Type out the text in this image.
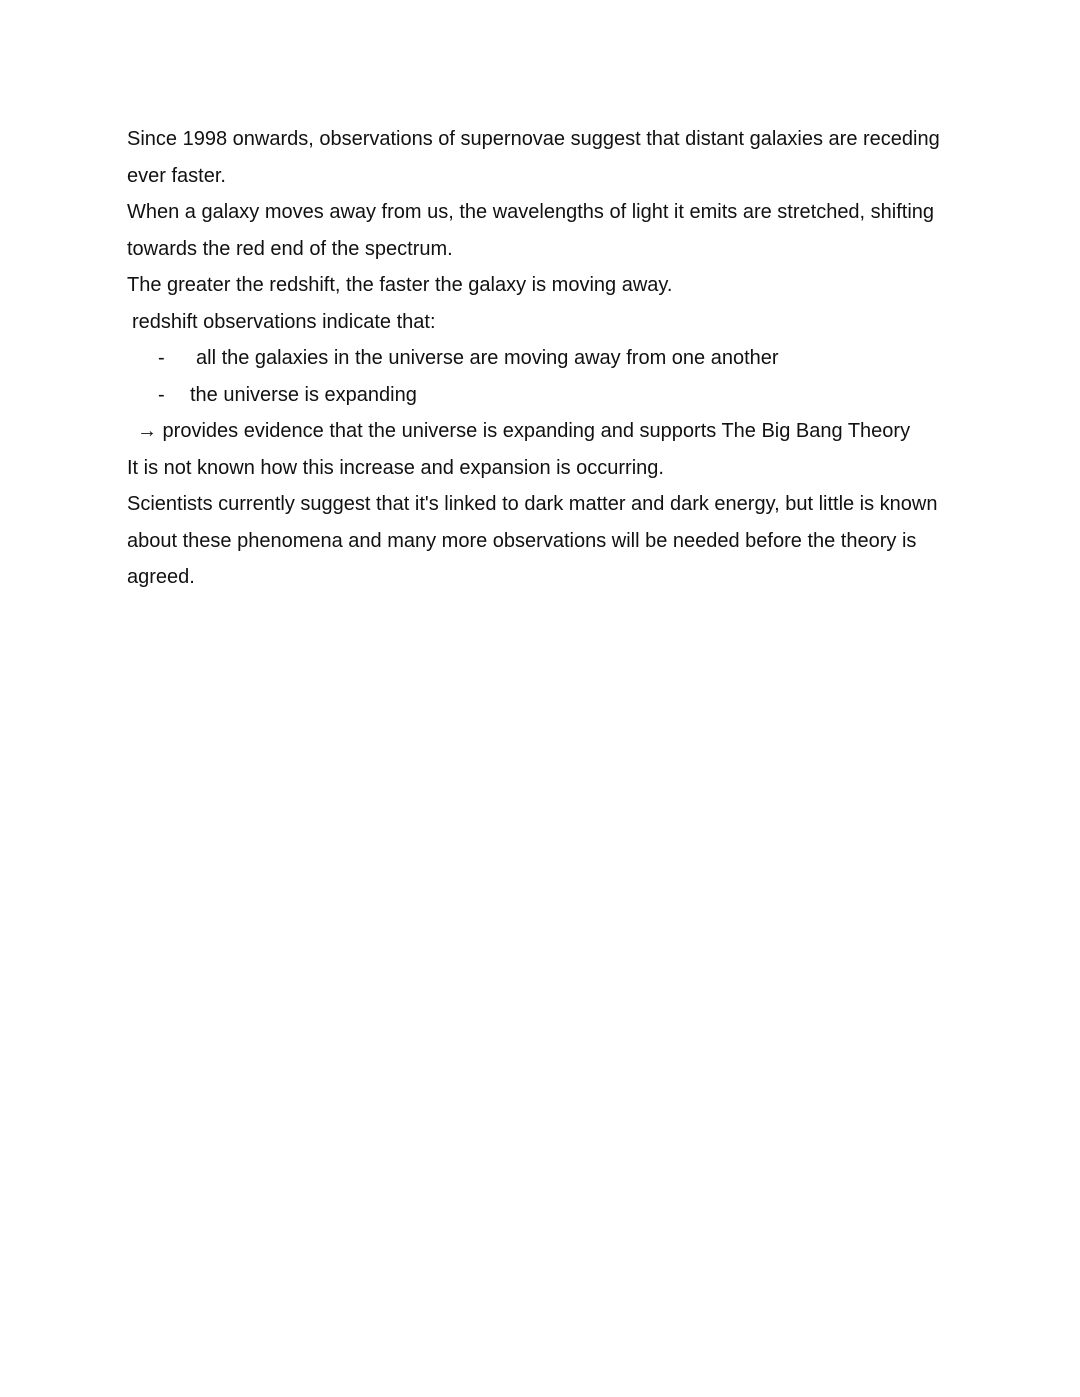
Since 1998 onwards, observations of supernovae suggest that distant galaxies are receding

ever faster.

When a galaxy moves away from us, the wavelengths of light it emits are stretched, shifting

towards the red end of the spectrum.

The greater the redshift, the faster the galaxy is moving away.

redshift observations indicate that:

- all the galaxies in the universe are moving away from one another
- the universe is expanding

→ provides evidence that the universe is expanding and supports The Big Bang Theory

It is not known how this increase and expansion is occurring.

Scientists currently suggest that it's linked to dark matter and dark energy, but little is known

about these phenomena and many more observations will be needed before the theory is

agreed.
